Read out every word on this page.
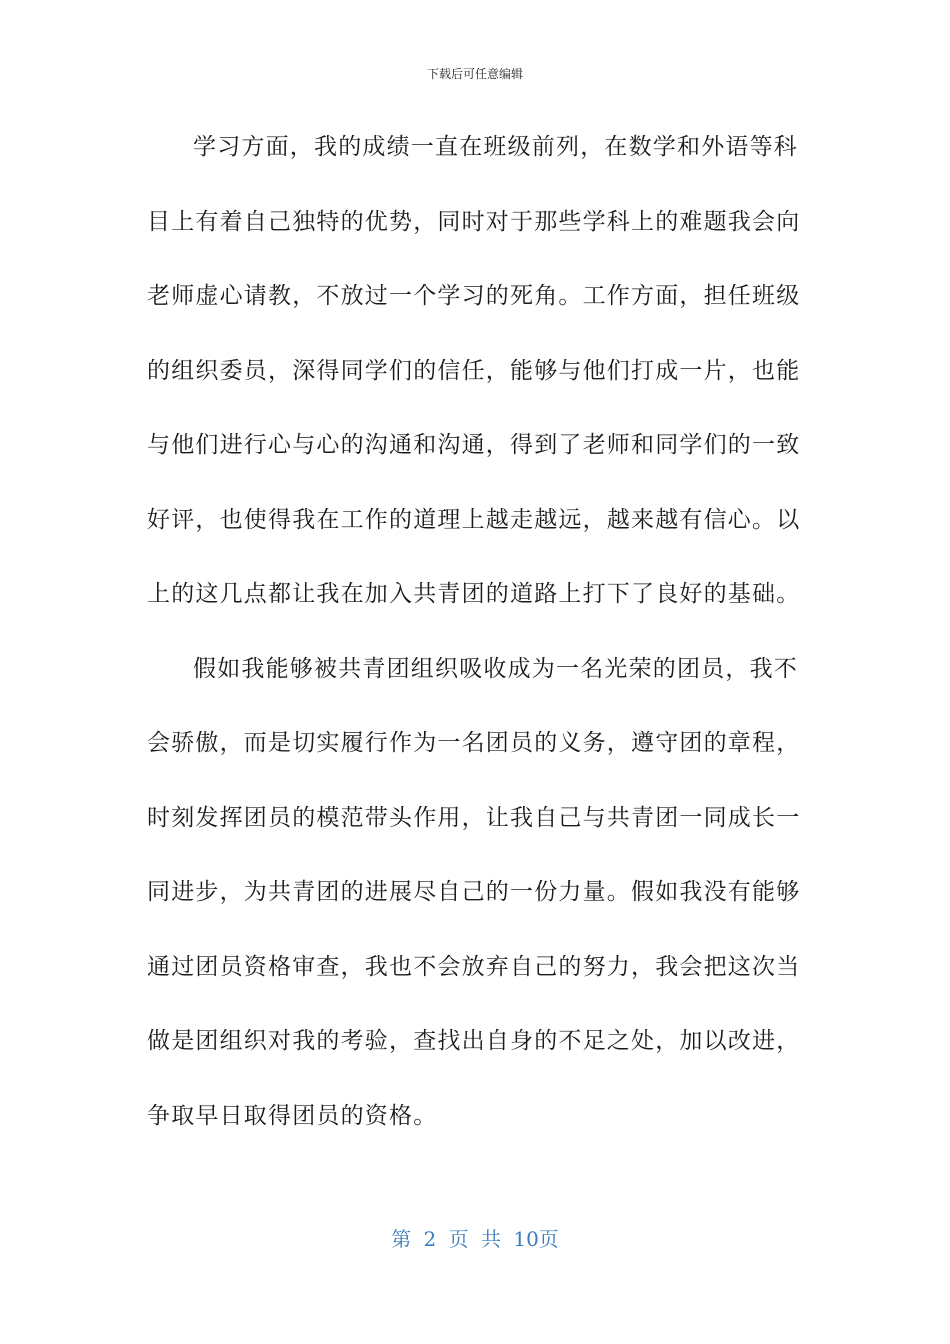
下载后可任意编辑
学习方面，我的成绩一直在班级前列，在数学和外语等科
目上有着自己独特的优势，同时对于那些学科上的难题我会向
老师虚心请教，不放过一个学习的死角。工作方面，担任班级
的组织委员，深得同学们的信任，能够与他们打成一片，也能
与他们进行心与心的沟通和沟通，得到了老师和同学们的一致
好评，也使得我在工作的道理上越走越远，越来越有信心。以
上的这几点都让我在加入共青团的道路上打下了良好的基础。
假如我能够被共青团组织吸收成为一名光荣的团员，我不
会骄傲，而是切实履行作为一名团员的义务，遵守团的章程，
时刻发挥团员的模范带头作用，让我自己与共青团一同成长一
同进步，为共青团的进展尽自己的一份力量。假如我没有能够
通过团员资格审查，我也不会放弃自己的努力，我会把这次当
做是团组织对我的考验，查找出自身的不足之处，加以改进，
争取早日取得团员的资格。
第 2 页 共 10页
